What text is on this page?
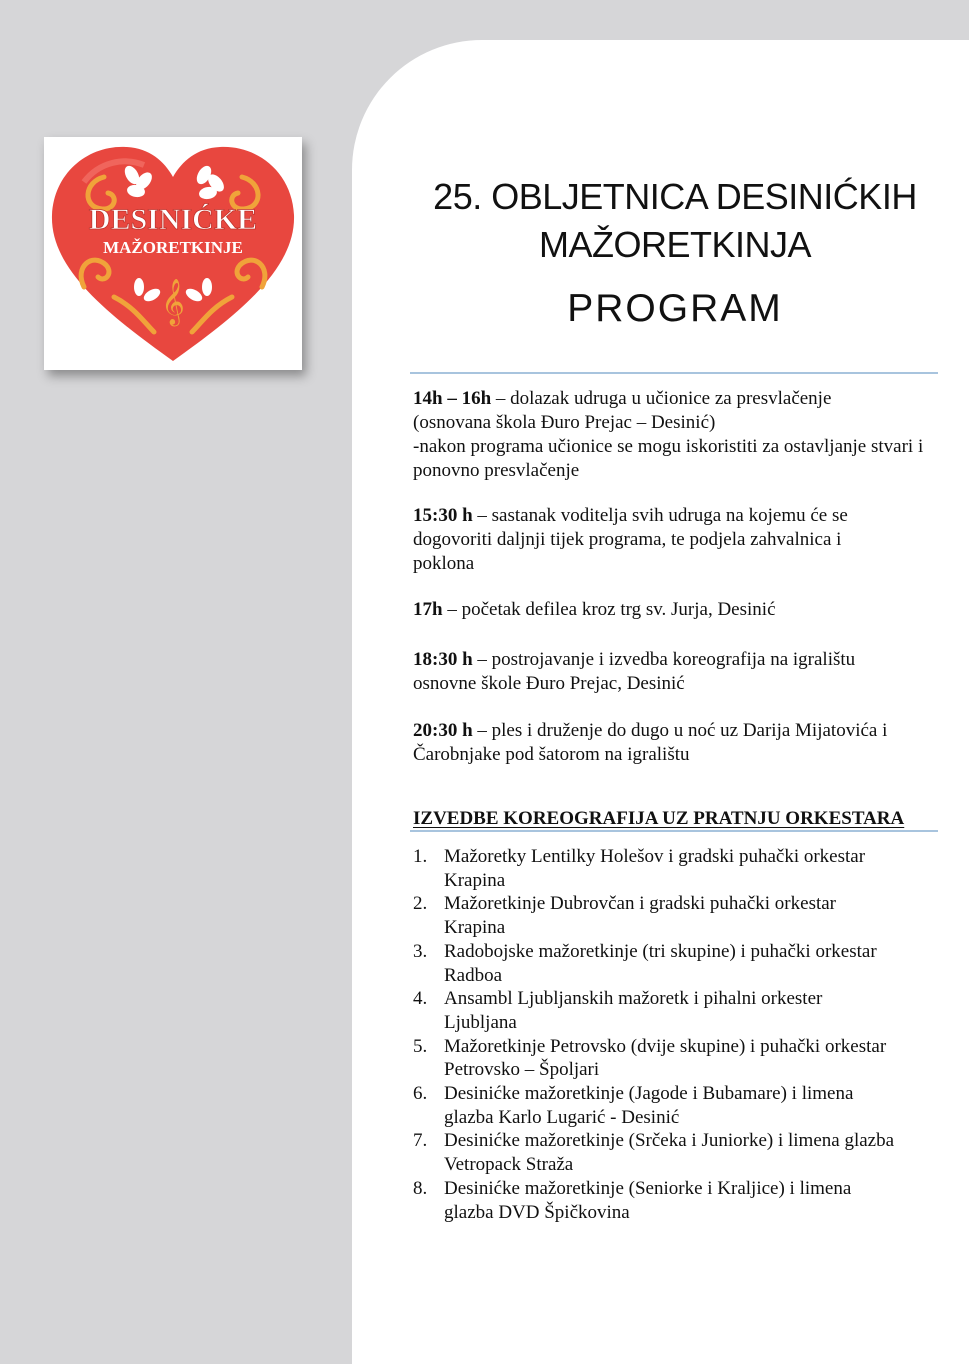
DESINIĆKE
MAŽORETKINJE
𝄞
25. OBLJETNICA DESINIĆKIH
MAŽORETKINJA
PROGRAM
14h – 16h – dolazak udruga u učionice za presvlačenje
(osnovana škola Đuro Prejac – Desinić)
-nakon programa učionice se mogu iskoristiti za ostavljanje stvari i
ponovno presvlačenje
15:30 h – sastanak voditelja svih udruga na kojemu će se
dogovoriti daljnji tijek programa, te podjela zahvalnica i
poklona
17h – početak defilea kroz trg sv. Jurja, Desinić
18:30 h – postrojavanje i izvedba koreografija na igralištu
osnovne škole Đuro Prejac, Desinić
20:30 h – ples i druženje do dugo u noć uz Darija Mijatovića i
Čarobnjake pod šatorom na igralištu
IZVEDBE KOREOGRAFIJA UZ PRATNJU ORKESTARA
1. Mažoretky Lentilky Holešov i gradski puhački orkestar
Krapina
2. Mažoretkinje Dubrovčan i gradski puhački orkestar
Krapina
3. Radobojske mažoretkinje (tri skupine) i puhački orkestar
Radboa
4. Ansambl Ljubljanskih mažoretk i pihalni orkester
Ljubljana
5. Mažoretkinje Petrovsko (dvije skupine) i puhački orkestar
Petrovsko – Špoljari
6. Desinićke mažoretkinje (Jagode i Bubamare) i limena
glazba Karlo Lugarić - Desinić
7. Desinićke mažoretkinje (Srčeka i Juniorke) i limena glazba
Vetropack Straža
8. Desinićke mažoretkinje (Seniorke i Kraljice) i limena
glazba DVD Špičkovina
